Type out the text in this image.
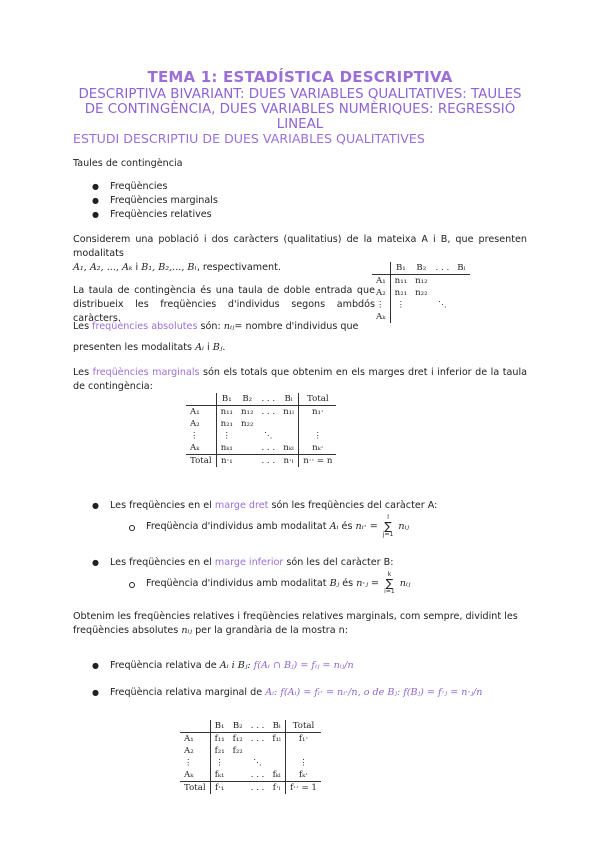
TEMA 1: ESTADÍSTICA DESCRIPTIVA
DESCRIPTIVA BIVARIANT: DUES VARIABLES QUALITATIVES: TAULES DE CONTINGÈNCIA, DUES VARIABLES NUMÈRIQUES: REGRESSIÓ LINEAL
ESTUDI DESCRIPTIU DE DUES VARIABLES QUALITATIVES
Taules de contingència
● Freqüències
● Freqüències marginals
● Freqüències relatives
Considerem una població i dos caràcters (qualitatius) de la mateixa A i B, que presenten modalitats
A₁, A₂, ..., Aₖ i B₁, B₂,..., Bₗ, respectivament.
		B₁	B₂	. . .	Bₗ
A₁	n₁₁	n₁₂		
A₂	n₂₁	n₂₂		
⋮	⋮		⋱	
Aₖ				
La taula de contingència és una taula de doble entrada que distribueix les freqüències d'individus segons ambdós caràcters.
Les freqüències absolutes són: nᵢⱼ= nombre d'individus que
presenten les modalitats Aᵢ i Bⱼ.
Les freqüències marginals són els totals que obtenim en els marges dret i inferior de la taula de contingència:
	B₁	B₂	. . .	Bₗ	Total
A₁	n₁₁	n₁₂	. . .	n₁ₗ	n₁·
A₂	n₂₁	n₂₂			
⋮	⋮		⋱		⋮
Aₖ	nₖ₁		. . .	nₖₗ	nₖ·
Total	n·₁		. . .	n·ₗ	n·· = n
● Les freqüències en el marge dret són les freqüències del caràcter A:
Freqüència d'individus amb modalitat Aᵢ és nᵢ· = l
∑
j=1 nᵢⱼ
● Les freqüències en el marge inferior són les del caràcter B:
Freqüència d'individus amb modalitat Bⱼ és n·ⱼ = k
∑
i=1 nᵢⱼ
Obtenim les freqüències relatives i freqüències relatives marginals, com sempre, dividint les
freqüències absolutes nᵢⱼ per la grandària de la mostra n:
● Freqüència relativa de Aᵢ i Bⱼ: f(Aᵢ ∩ Bⱼ) = fᵢⱼ = nᵢⱼ/n
● Freqüència relativa marginal de Aᵢ: f(Aᵢ) = fᵢ· = nᵢ·/n, o de Bⱼ: f(Bⱼ) = f·ⱼ = n·ⱼ/n
	B₁	B₂	. . .	Bₗ	Total
A₁	f₁₁	f₁₂	. . .	f₁ₗ	f₁·
A₂	f₂₁	f₂₂			
⋮	⋮		⋱		⋮
Aₖ	fₖ₁		. . .	fₖₗ	fₖ·
Total	f·₁		. . .	f·ₗ	f·· = 1
